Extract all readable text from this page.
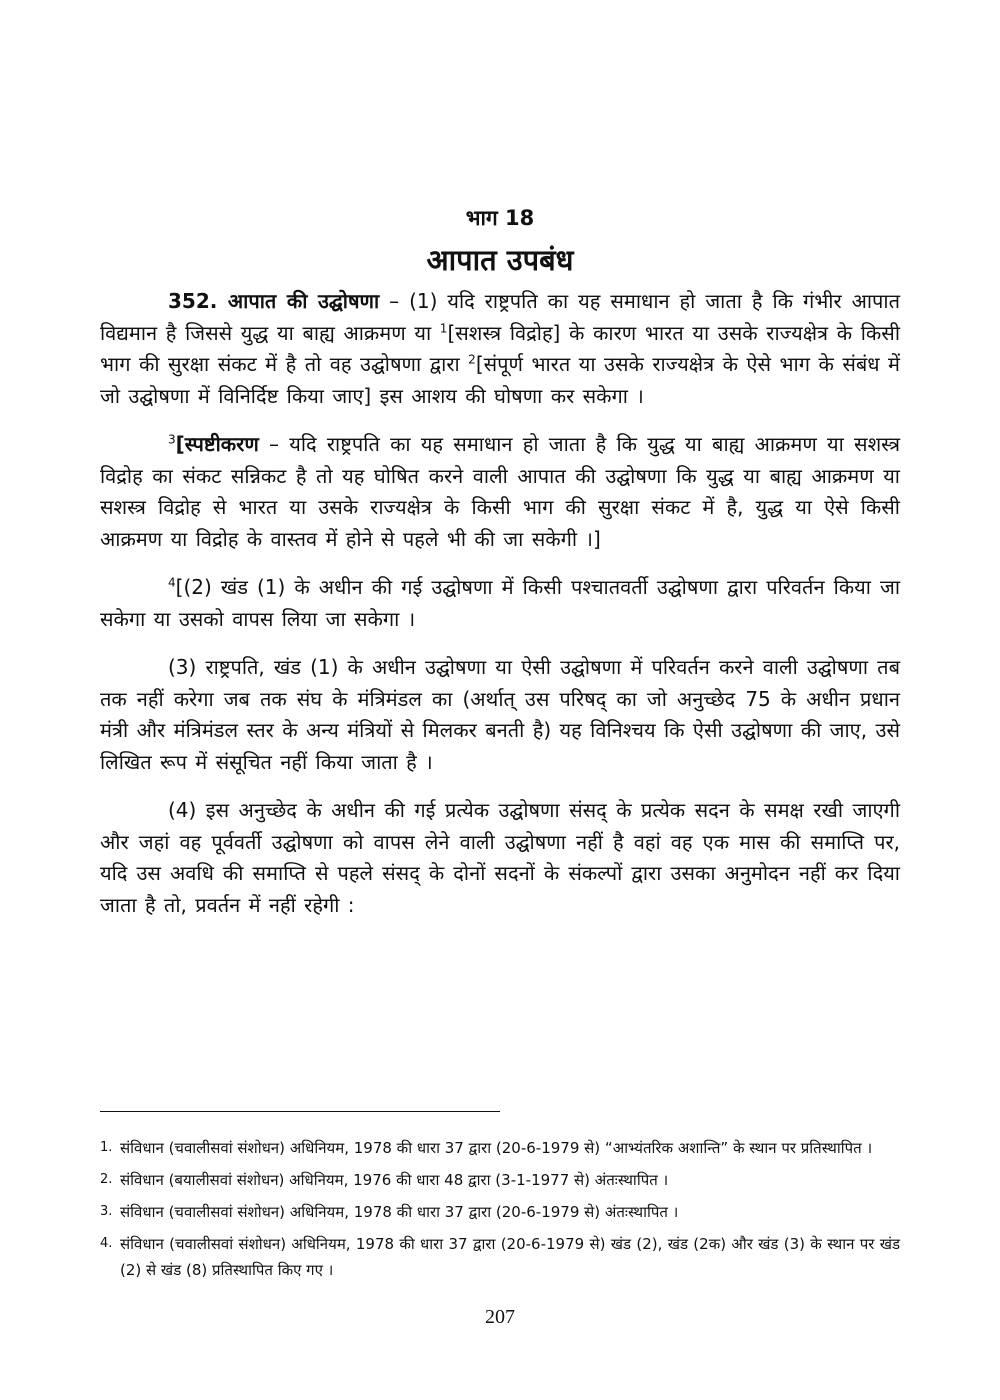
भाग 18
आपात उपबंध

352. आपात की उद्घोषणा – (1) यदि राष्ट्रपति का यह समाधान हो जाता है कि गंभीर आपात विद्यमान है जिससे युद्ध या बाह्य आक्रमण या $^1$[सशस्त्र विद्रोह] के कारण भारत या उसके राज्यक्षेत्र के किसी भाग की सुरक्षा संकट में है तो वह उद्घोषणा द्वारा $^2$[संपूर्ण भारत या उसके राज्यक्षेत्र के ऐसे भाग के संबंध में जो उद्घोषणा में विनिर्दिष्ट किया जाए] इस आशय की घोषणा कर सकेगा ।

$^3$[स्पष्टीकरण – यदि राष्ट्रपति का यह समाधान हो जाता है कि युद्ध या बाह्य आक्रमण या सशस्त्र विद्रोह का संकट सन्निकट है तो यह घोषित करने वाली आपात की उद्घोषणा कि युद्ध या बाह्य आक्रमण या सशस्त्र विद्रोह से भारत या उसके राज्यक्षेत्र के किसी भाग की सुरक्षा संकट में है, युद्ध या ऐसे किसी आक्रमण या विद्रोह के वास्तव में होने से पहले भी की जा सकेगी ।]

$^4$[(2) खंड (1) के अधीन की गई उद्घोषणा में किसी पश्चातवर्ती उद्घोषणा द्वारा परिवर्तन किया जा सकेगा या उसको वापस लिया जा सकेगा ।

(3) राष्ट्रपति, खंड (1) के अधीन उद्घोषणा या ऐसी उद्घोषणा में परिवर्तन करने वाली उद्घोषणा तब तक नहीं करेगा जब तक संघ के मंत्रिमंडल का (अर्थात् उस परिषद् का जो अनुच्छेद 75 के अधीन प्रधान मंत्री और मंत्रिमंडल स्तर के अन्य मंत्रियों से मिलकर बनती है) यह विनिश्चय कि ऐसी उद्घोषणा की जाए, उसे लिखित रूप में संसूचित नहीं किया जाता है ।

(4) इस अनुच्छेद के अधीन की गई प्रत्येक उद्घोषणा संसद् के प्रत्येक सदन के समक्ष रखी जाएगी और जहां वह पूर्ववर्ती उद्घोषणा को वापस लेने वाली उद्घोषणा नहीं है वहां वह एक मास की समाप्ति पर, यदि उस अवधि की समाप्ति से पहले संसद् के दोनों सदनों के संकल्पों द्वारा उसका अनुमोदन नहीं कर दिया जाता है तो, प्रवर्तन में नहीं रहेगी :

1. संविधान (चवालीसवां संशोधन) अधिनियम, 1978 की धारा 37 द्वारा (20-6-1979 से) “आभ्यंतरिक अशान्ति” के स्थान पर प्रतिस्थापित ।
2. संविधान (बयालीसवां संशोधन) अधिनियम, 1976 की धारा 48 द्वारा (3-1-1977 से) अंतःस्थापित ।
3. संविधान (चवालीसवां संशोधन) अधिनियम, 1978 की धारा 37 द्वारा (20-6-1979 से) अंतःस्थापित ।
4. संविधान (चवालीसवां संशोधन) अधिनियम, 1978 की धारा 37 द्वारा (20-6-1979 से) खंड (2), खंड (2क) और खंड (3) के स्थान पर खंड (2) से खंड (8) प्रतिस्थापित किए गए ।
207
